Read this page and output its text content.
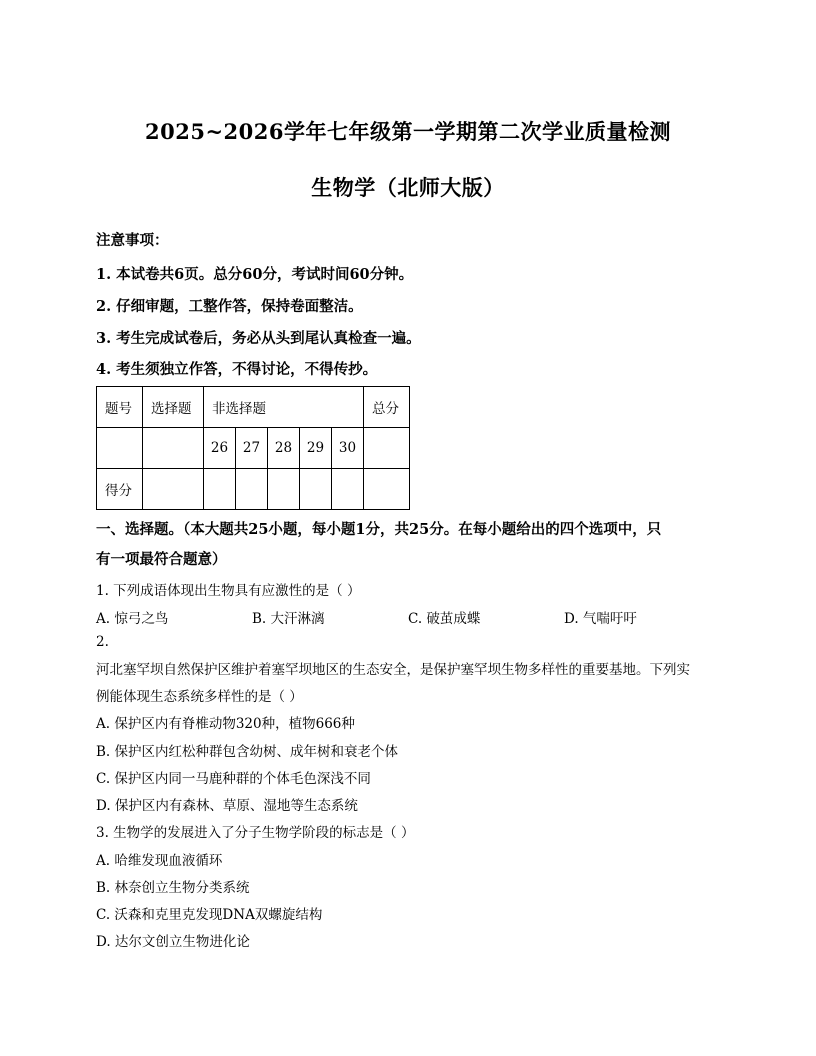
2025~2026学年七年级第一学期第二次学业质量检测
生物学（北师大版）
注意事项：
1. 本试卷共6页。总分60分，考试时间60分钟。
2. 仔细审题，工整作答，保持卷面整洁。
3. 考生完成试卷后，务必从头到尾认真检查一遍。
4. 考生须独立作答，不得讨论，不得传抄。
题号	选择题	非选择题					总分
		26	27	28	29	30	
得分							
一、选择题。（本大题共25小题，每小题1分，共25分。在每小题给出的四个选项中，只
有一项最符合题意）
1. 下列成语体现出生物具有应激性的是（ ）
A. 惊弓之鸟	B. 大汗淋漓	C. 破茧成蝶	D. 气喘吁吁
2.
河北塞罕坝自然保护区维护着塞罕坝地区的生态安全，是保护塞罕坝生物多样性的重要基地。下列实
例能体现生态系统多样性的是（ ）
A. 保护区内有脊椎动物320种，植物666种
B. 保护区内红松种群包含幼树、成年树和衰老个体
C. 保护区内同一马鹿种群的个体毛色深浅不同
D. 保护区内有森林、草原、湿地等生态系统
3. 生物学的发展进入了分子生物学阶段的标志是（ ）
A. 哈维发现血液循环
B. 林奈创立生物分类系统
C. 沃森和克里克发现DNA双螺旋结构
D. 达尔文创立生物进化论
